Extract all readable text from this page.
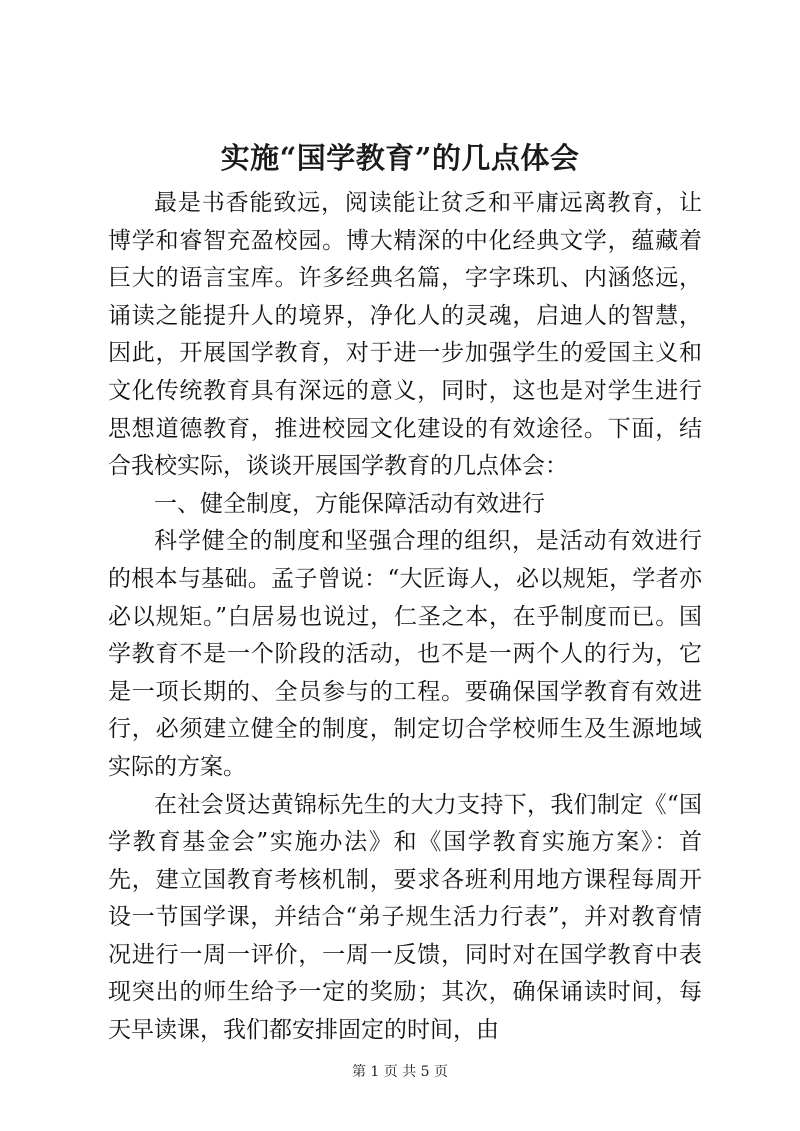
实施“国学教育”的几点体会

最是书香能致远，阅读能让贫乏和平庸远离教育，让博学和睿智充盈校园。博大精深的中化经典文学，蕴藏着巨大的语言宝库。许多经典名篇，字字珠玑、内涵悠远，诵读之能提升人的境界，净化人的灵魂，启迪人的智慧，因此，开展国学教育，对于进一步加强学生的爱国主义和文化传统教育具有深远的意义，同时，这也是对学生进行思想道德教育，推进校园文化建设的有效途径。下面，结合我校实际，谈谈开展国学教育的几点体会：

一、健全制度，方能保障活动有效进行

科学健全的制度和坚强合理的组织，是活动有效进行的根本与基础。孟子曾说：“大匠诲人，必以规矩，学者亦必以规矩。”白居易也说过，仁圣之本，在乎制度而已。国学教育不是一个阶段的活动，也不是一两个人的行为，它是一项长期的、全员参与的工程。要确保国学教育有效进行，必须建立健全的制度，制定切合学校师生及生源地域实际的方案。

在社会贤达黄锦标先生的大力支持下，我们制定《“国学教育基金会”实施办法》和《国学教育实施方案》：首先，建立国教育考核机制，要求各班利用地方课程每周开设一节国学课，并结合“弟子规生活力行表”，并对教育情况进行一周一评价，一周一反馈，同时对在国学教育中表现突出的师生给予一定的奖励；其次，确保诵读时间，每天早读课，我们都安排固定的时间，由

第 1 页 共 5 页
